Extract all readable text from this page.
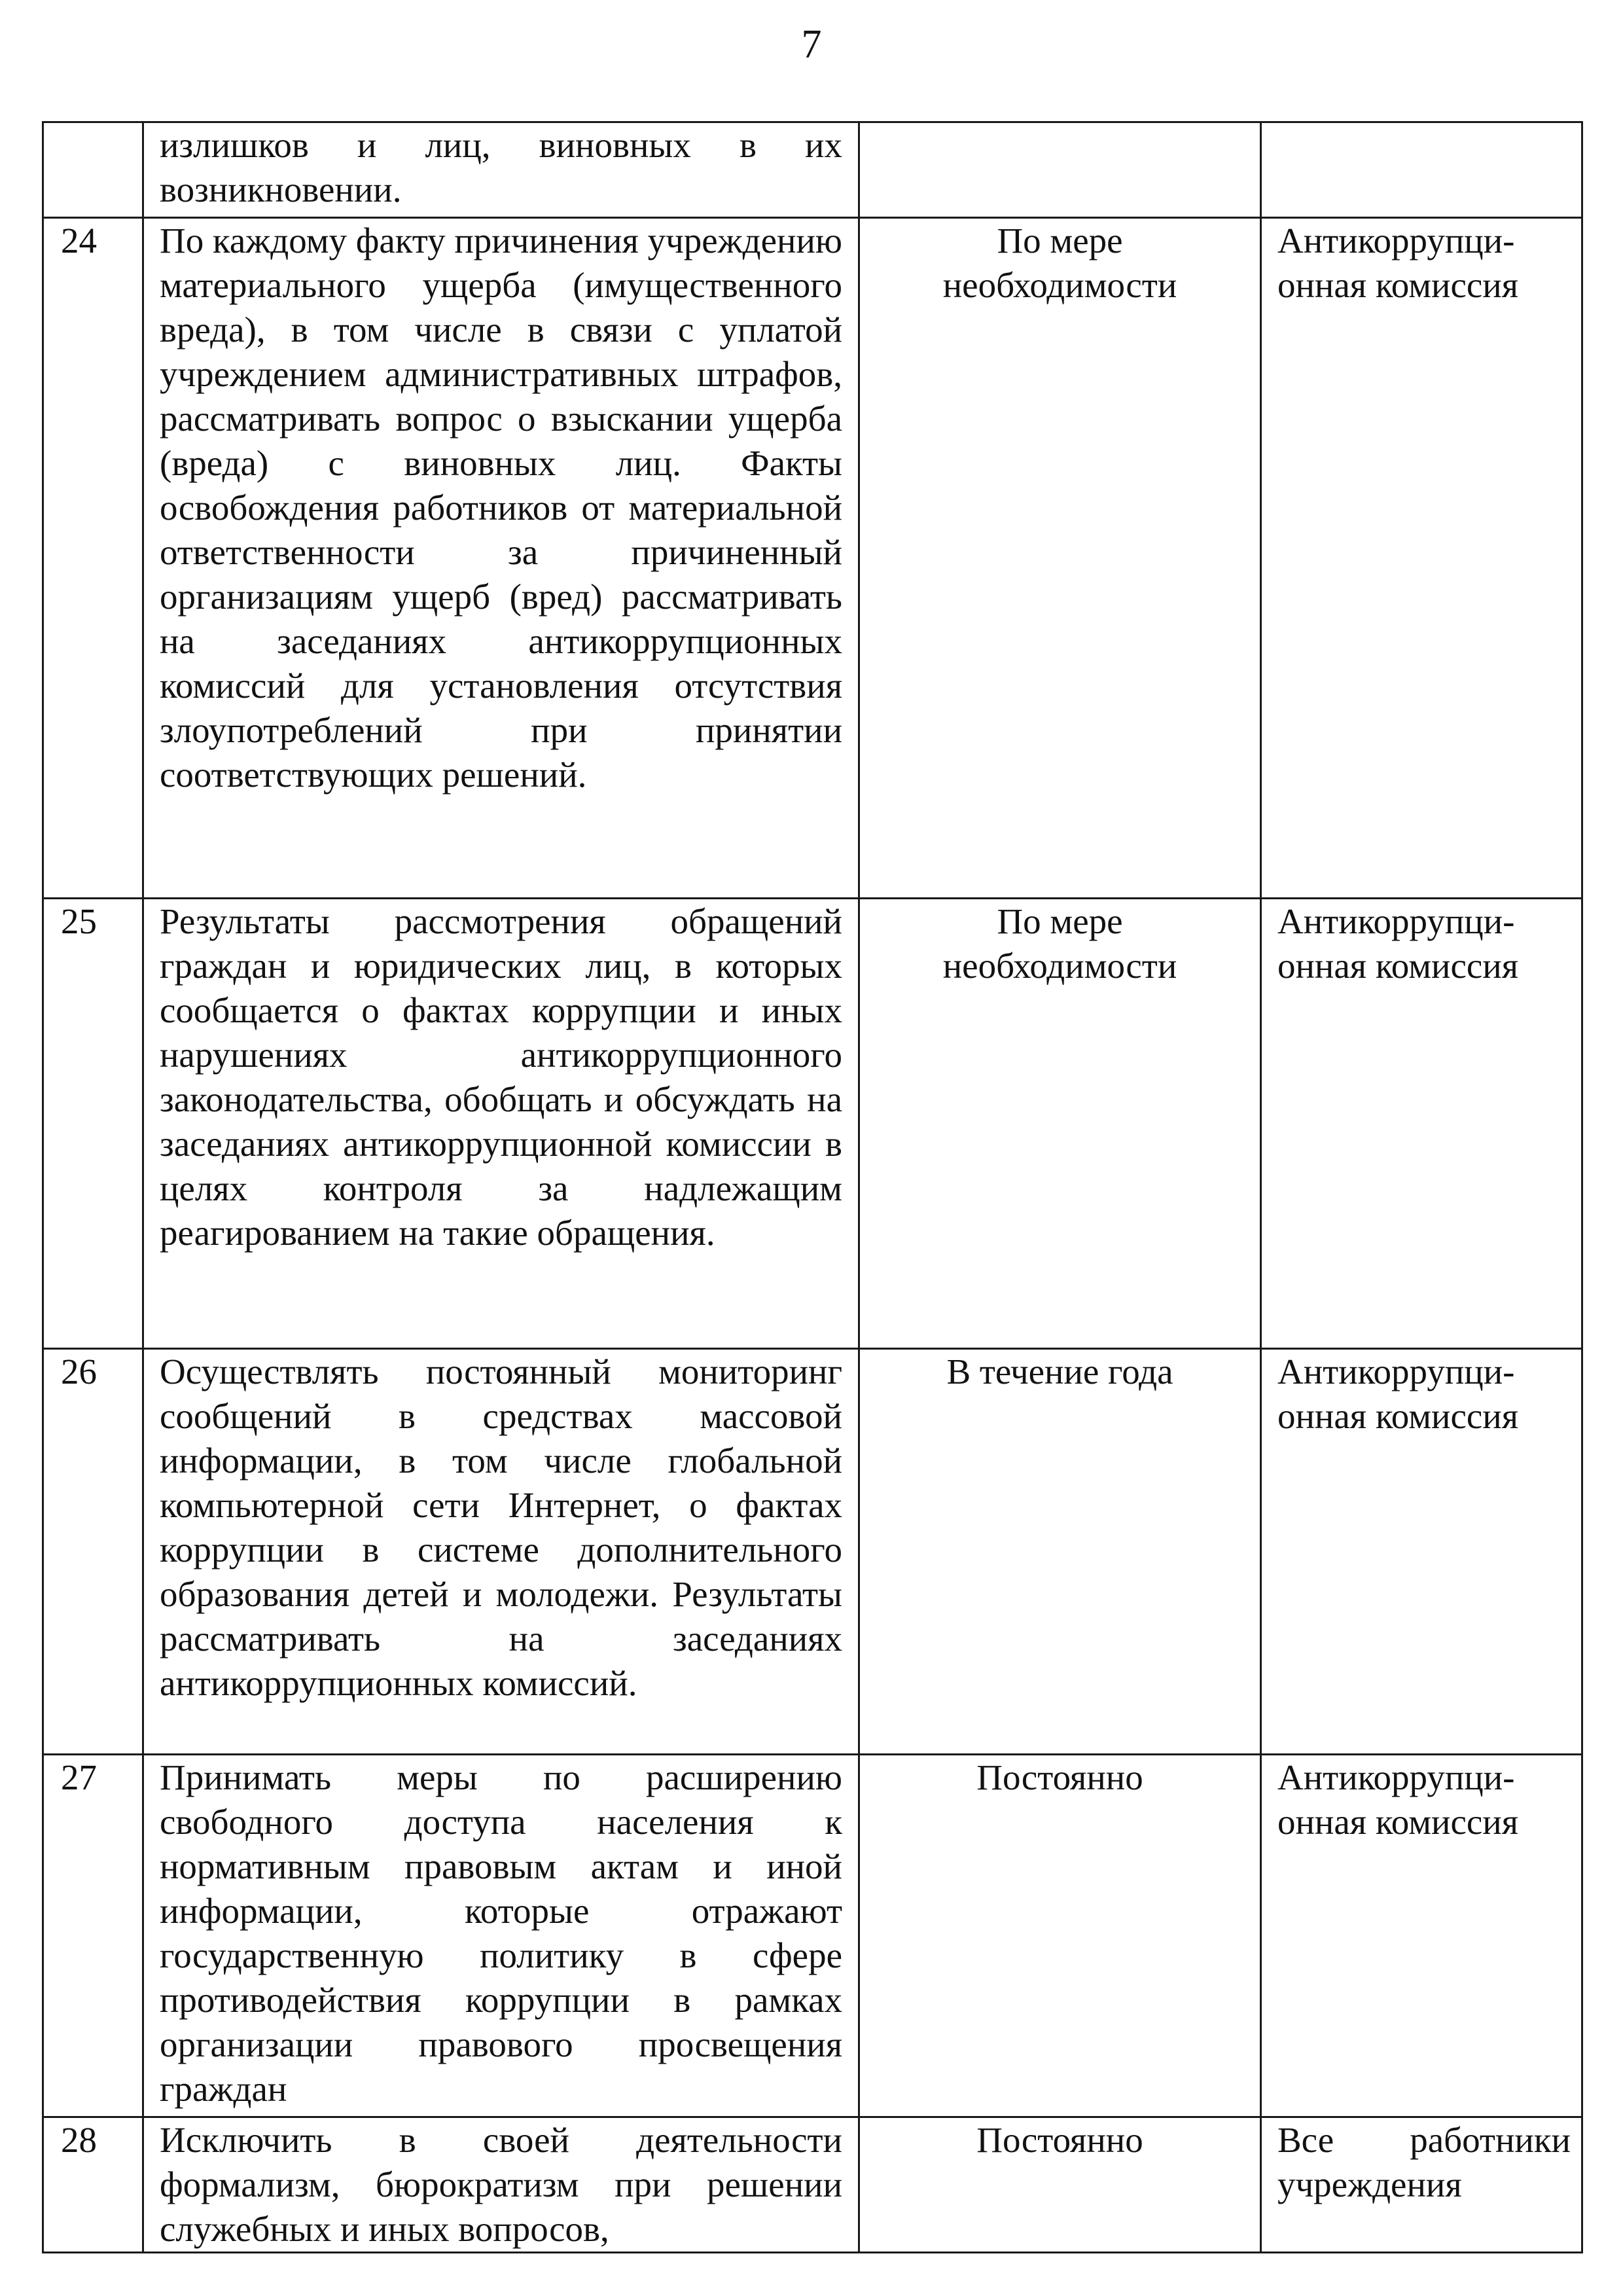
7
	излишков и лиц, виновных в их возникновении.		
24	По каждому факту причинения учреждению материального ущерба (имущественного вреда), в том числе в связи с уплатой учреждением административных штрафов, рассматривать вопрос о взыскании ущерба (вреда) с виновных лиц. Факты освобождения работников от материальной ответственности за причиненный организациям ущерб (вред) рассматривать на заседаниях антикоррупционных комиссий для установления отсутствия злоупотреблений при принятии соответствующих решений.	По мере
необходимости	Антикоррупци-
онная комиссия
25	Результаты рассмотрения обращений граждан и юридических лиц, в которых сообщается о фактах коррупции и иных нарушениях антикоррупционного законодательства, обобщать и обсуждать на заседаниях антикоррупционной комиссии в целях контроля за надлежащим реагированием на такие обращения.	По мере
необходимости	Антикоррупци-
онная комиссия
26	Осуществлять постоянный мониторинг сообщений в средствах массовой информации, в том числе глобальной компьютерной сети Интернет, о фактах коррупции в системе дополнительного образования детей и молодежи. Результаты рассматривать на заседаниях антикоррупционных комиссий.	В течение года	Антикоррупци-
онная комиссия
27	Принимать меры по расширению свободного доступа населения к нормативным правовым актам и иной информации, которые отражают государственную политику в сфере противодействия коррупции в рамках организации правового просвещения граждан	Постоянно	Антикоррупци-
онная комиссия
28	Исключить в своей деятельности формализм, бюрократизм при решении служебных и иных вопросов,	Постоянно	Все работники учреждения
